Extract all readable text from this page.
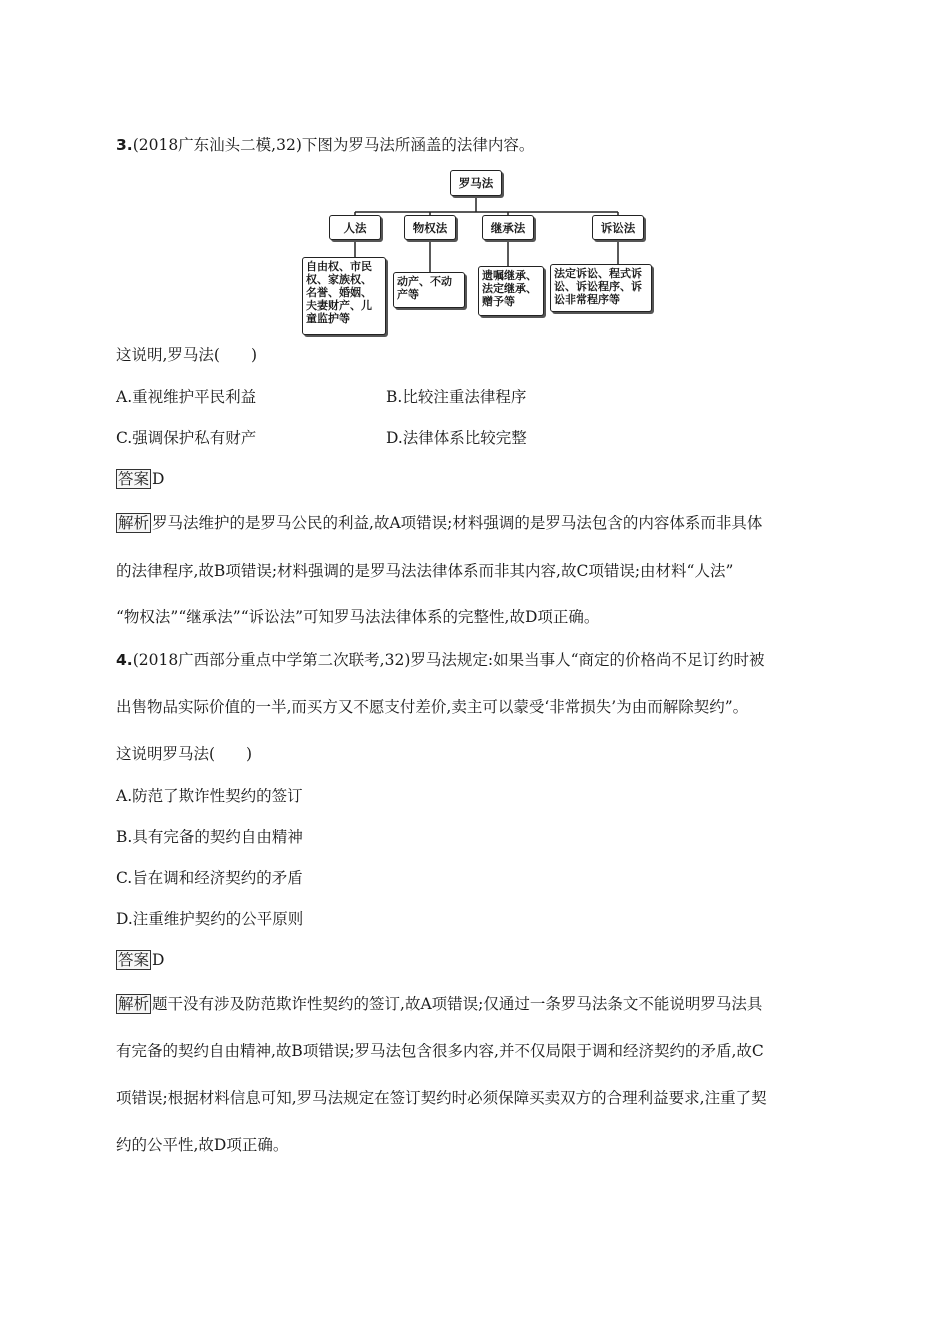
3.(2018广东汕头二模,32)下图为罗马法所涵盖的法律内容。
罗马法
人法	物权法	继承法	诉讼法
自由权、市民权、家族权、名誉、婚姻、夫妻财产、儿童监护等
动产、不动产等
遗嘱继承、法定继承、赠予等
法定诉讼、程式诉讼、诉讼程序、诉讼非常程序等
这说明,罗马法(　　)
A.重视维护平民利益	B.比较注重法律程序
C.强调保护私有财产	D.法律体系比较完整
答案 D
解析 罗马法维护的是罗马公民的利益,故A项错误;材料强调的是罗马法包含的内容体系而非具体
的法律程序,故B项错误;材料强调的是罗马法法律体系而非其内容,故C项错误;由材料“人法”
“物权法”“继承法”“诉讼法”可知罗马法法律体系的完整性,故D项正确。
4.(2018广西部分重点中学第二次联考,32)罗马法规定:如果当事人“商定的价格尚不足订约时被
出售物品实际价值的一半,而买方又不愿支付差价,卖主可以蒙受‘非常损失’为由而解除契约”。
这说明罗马法(　　)
A.防范了欺诈性契约的签订
B.具有完备的契约自由精神
C.旨在调和经济契约的矛盾
D.注重维护契约的公平原则
答案 D
解析 题干没有涉及防范欺诈性契约的签订,故A项错误;仅通过一条罗马法条文不能说明罗马法具
有完备的契约自由精神,故B项错误;罗马法包含很多内容,并不仅局限于调和经济契约的矛盾,故C
项错误;根据材料信息可知,罗马法规定在签订契约时必须保障买卖双方的合理利益要求,注重了契
约的公平性,故D项正确。
